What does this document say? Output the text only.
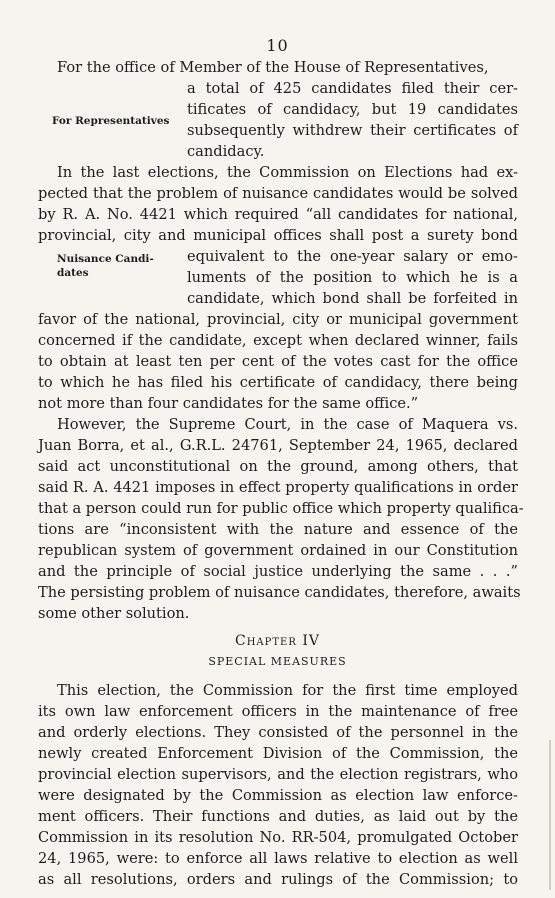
10
For Representatives
Nuisance Candi-
dates
For the office of Member of the House of Representatives,
a total of 425 candidates filed their cer-
tificates of candidacy, but 19 candidates
subsequently withdrew their certificates of
candidacy.
In the last elections, the Commission on Elections had ex-
pected that the problem of nuisance candidates would be solved
by R. A. No. 4421 which required “all candidates for national,
provincial, city and municipal offices shall post a surety bond
equivalent to the one-year salary or emo-
luments of the position to which he is a
candidate, which bond shall be forfeited in
favor of the national, provincial, city or municipal government
concerned if the candidate, except when declared winner, fails
to obtain at least ten per cent of the votes cast for the office
to which he has filed his certificate of candidacy, there being
not more than four candidates for the same office.”
However, the Supreme Court, in the case of Maquera vs.
Juan Borra, et al., G.R.L. 24761, September 24, 1965, declared
said act unconstitutional on the ground, among others, that
said R. A. 4421 imposes in effect property qualifications in order
that a person could run for public office which property qualifica-
tions are “inconsistent with the nature and essence of the
republican system of government ordained in our Constitution
and the principle of social justice underlying the same . . .”
The persisting problem of nuisance candidates, therefore, awaits
some other solution.
This election, the Commission for the first time employed
its own law enforcement officers in the maintenance of free
and orderly elections. They consisted of the personnel in the
newly created Enforcement Division of the Commission, the
provincial election supervisors, and the election registrars, who
were designated by the Commission as election law enforce-
ment officers. Their functions and duties, as laid out by the
Commission in its resolution No. RR-504, promulgated October
24, 1965, were: to enforce all laws relative to election as well
as all resolutions, orders and rulings of the Commission; to
Chapter IV
SPECIAL MEASURES
